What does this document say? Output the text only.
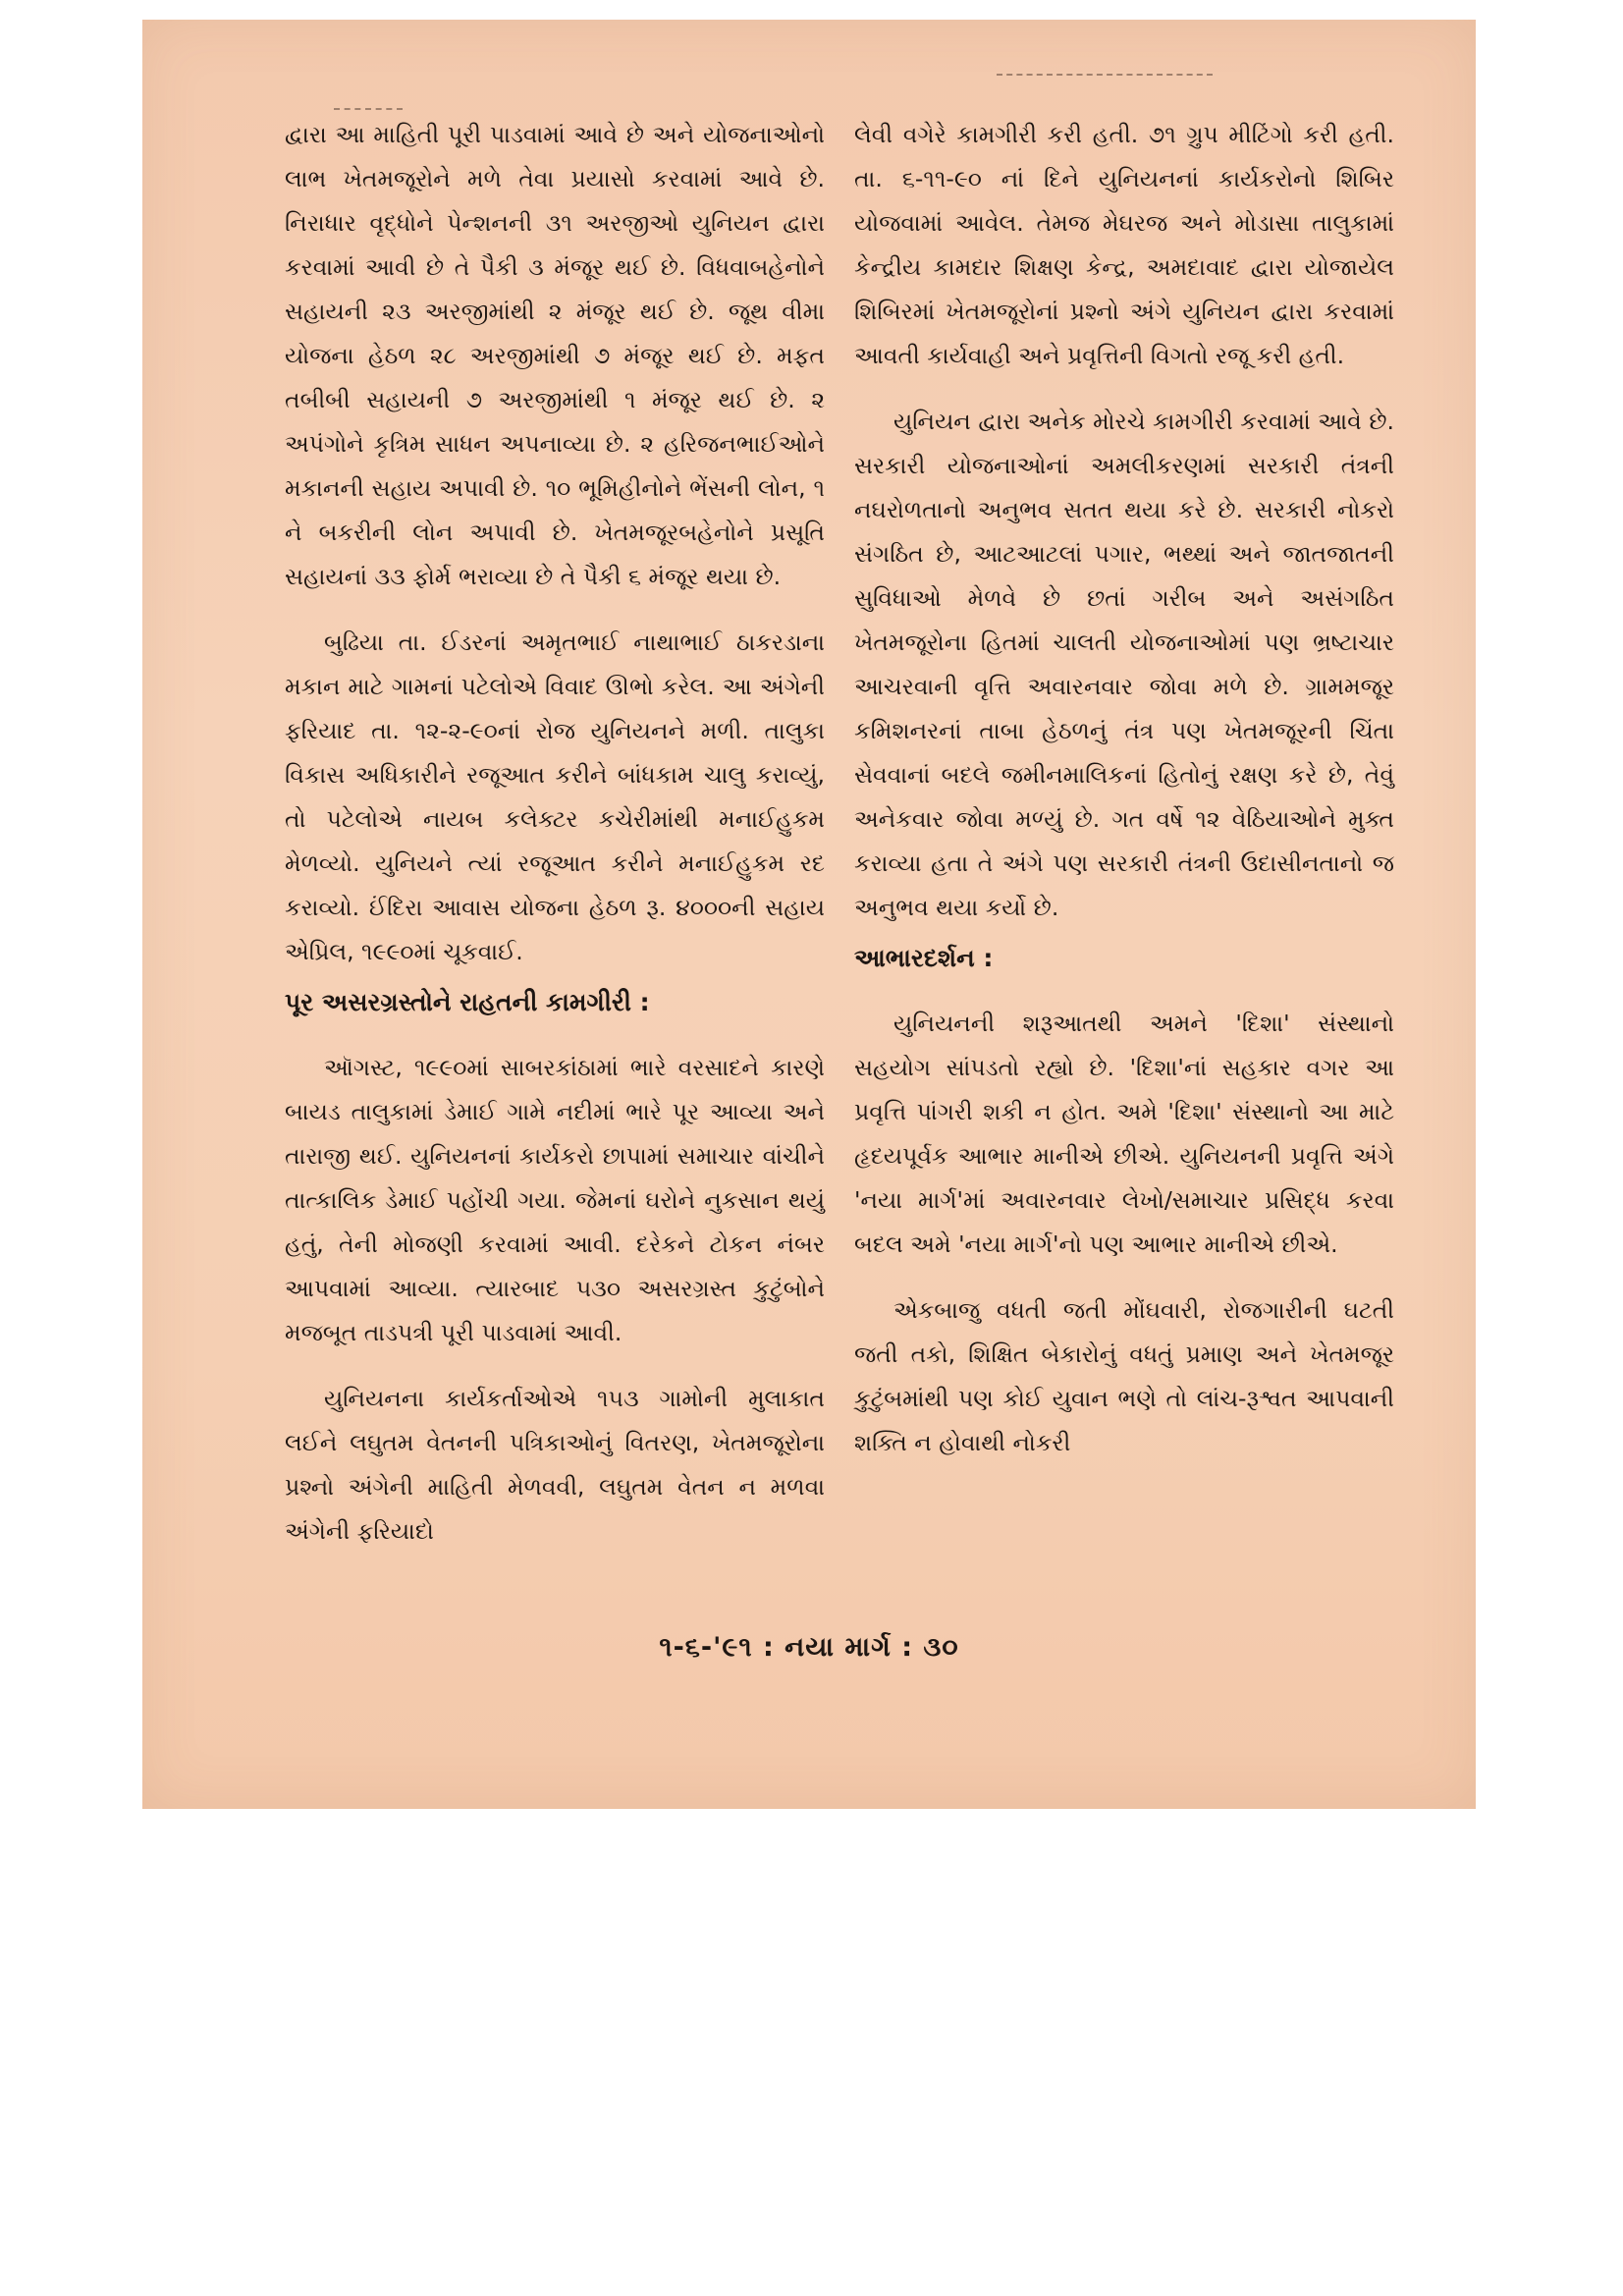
દ્વારા આ માહિતી પૂરી પાડવામાં આવે છે અને યોજનાઓનો લાભ ખેતમજૂરોને મળે તેવા પ્રયાસો કરવામાં આવે છે. નિરાધાર વૃદ્ધોને પેન્શનની ૩૧ અરજીઓ યુનિયન દ્વારા કરવામાં આવી છે તે પૈકી ૩ મંજૂર થઈ છે. વિધવાબહેનોને સહાયની ૨૩ અરજીમાંથી ૨ મંજૂર થઈ છે. જૂથ વીમા યોજના હેઠળ ૨૮ અરજીમાંથી ૭ મંજૂર થઈ છે. મફત તબીબી સહાયની ૭ અરજીમાંથી ૧ મંજૂર થઈ છે. ૨ અપંગોને કૃત્રિમ સાધન અપનાવ્યા છે. ૨ હરિજનભાઈઓને મકાનની સહાય અપાવી છે. ૧૦ ભૂમિહીનોને ભેંસની લોન, ૧ ને બકરીની લોન અપાવી છે. ખેતમજૂરબહેનોને પ્રસૂતિ સહાયનાં ૩૩ ફોર્મ ભરાવ્યા છે તે પૈકી ૬ મંજૂર થયા છે.

બુઢિયા તા. ઈડરનાં અમૃતભાઈ નાથાભાઈ ઠાકરડાના મકાન માટે ગામનાં પટેલોએ વિવાદ ઊભો કરેલ. આ અંગેની ફરિયાદ તા. ૧૨-૨-૯૦નાં રોજ યુનિયનને મળી. તાલુકા વિકાસ અધિકારીને રજૂઆત કરીને બાંધકામ ચાલુ કરાવ્યું, તો પટેલોએ નાયબ કલેક્ટર કચેરીમાંથી મનાઈહુકમ મેળવ્યો. યુનિયને ત્યાં રજૂઆત કરીને મનાઈહુકમ રદ કરાવ્યો. ઈંદિરા આવાસ યોજના હેઠળ રૂ. ૪૦૦૦ની સહાય એપ્રિલ, ૧૯૯૦માં ચૂકવાઈ.

પૂર અસરગ્રસ્તોને રાહતની કામગીરી :

ઑગસ્ટ, ૧૯૯૦માં સાબરકાંઠામાં ભારે વરસાદને કારણે બાયડ તાલુકામાં ડેમાઈ ગામે નદીમાં ભારે પૂર આવ્યા અને તારાજી થઈ. યુનિયનનાં કાર્યકરો છાપામાં સમાચાર વાંચીને તાત્કાલિક ડેમાઈ પહોંચી ગયા. જેમનાં ઘરોને નુકસાન થયું હતું, તેની મોજણી કરવામાં આવી. દરેકને ટોકન નંબર આપવામાં આવ્યા. ત્યારબાદ ૫૩૦ અસરગ્રસ્ત કુટુંબોને મજબૂત તાડપત્રી પૂરી પાડવામાં આવી.

યુનિયનના કાર્યકર્તાઓએ ૧૫૩ ગામોની મુલાકાત લઈને લઘુતમ વેતનની પત્રિકાઓનું વિતરણ, ખેતમજૂરોના પ્રશ્નો અંગેની માહિતી મેળવવી, લઘુતમ વેતન ન મળવા અંગેની ફરિયાદો

લેવી વગેરે કામગીરી કરી હતી. ૭૧ ગ્રુપ મીટિંગો કરી હતી. તા. ૬-૧૧-૯૦ નાં દિને યુનિયનનાં કાર્યકરોનો શિબિર યોજવામાં આવેલ. તેમજ મેઘરજ અને મોડાસા તાલુકામાં કેન્દ્રીય કામદાર શિક્ષણ કેન્દ્ર, અમદાવાદ દ્વારા યોજાયેલ શિબિરમાં ખેતમજૂરોનાં પ્રશ્નો અંગે યુનિયન દ્વારા કરવામાં આવતી કાર્યવાહી અને પ્રવૃત્તિની વિગતો રજૂ કરી હતી.

યુનિયન દ્વારા અનેક મોરચે કામગીરી કરવામાં આવે છે. સરકારી યોજનાઓનાં અમલીકરણમાં સરકારી તંત્રની નઘરોળતાનો અનુભવ સતત થયા કરે છે. સરકારી નોકરો સંગઠિત છે, આટઆટલાં પગાર, ભથ્થાં અને જાતજાતની સુવિધાઓ મેળવે છે છતાં ગરીબ અને અસંગઠિત ખેતમજૂરોના હિતમાં ચાલતી યોજનાઓમાં પણ ભ્રષ્ટાચાર આચરવાની વૃત્તિ અવારનવાર જોવા મળે છે. ગ્રામમજૂર કમિશનરનાં તાબા હેઠળનું તંત્ર પણ ખેતમજૂરની ચિંતા સેવવાનાં બદલે જમીનમાલિકનાં હિતોનું રક્ષણ કરે છે, તેવું અનેકવાર જોવા મળ્યું છે. ગત વર્ષે ૧૨ વેઠિયાઓને મુક્ત કરાવ્યા હતા તે અંગે પણ સરકારી તંત્રની ઉદાસીનતાનો જ અનુભવ થયા કર્યો છે.

આભારદર્શન :

યુનિયનની શરૂઆતથી અમને 'દિશા' સંસ્થાનો સહયોગ સાંપડતો રહ્યો છે. 'દિશા'નાં સહકાર વગર આ પ્રવૃત્તિ પાંગરી શકી ન હોત. અમે 'દિશા' સંસ્થાનો આ માટે હૃદયપૂર્વક આભાર માનીએ છીએ. યુનિયનની પ્રવૃત્તિ અંગે 'નયા માર્ગ'માં અવારનવાર લેખો/સમાચાર પ્રસિદ્ધ કરવા બદલ અમે 'નયા માર્ગ'નો પણ આભાર માનીએ છીએ.

એકબાજુ વધતી જતી મોંઘવારી, રોજગારીની ઘટતી જતી તકો, શિક્ષિત બેકારોનું વધતું પ્રમાણ અને ખેતમજૂર કુટુંબમાંથી પણ કોઈ યુવાન ભણે તો લાંચ-રૂશ્વત આપવાની શક્તિ ન હોવાથી નોકરી

૧-૬-'૯૧ : નયા માર્ગ : ૩૦
